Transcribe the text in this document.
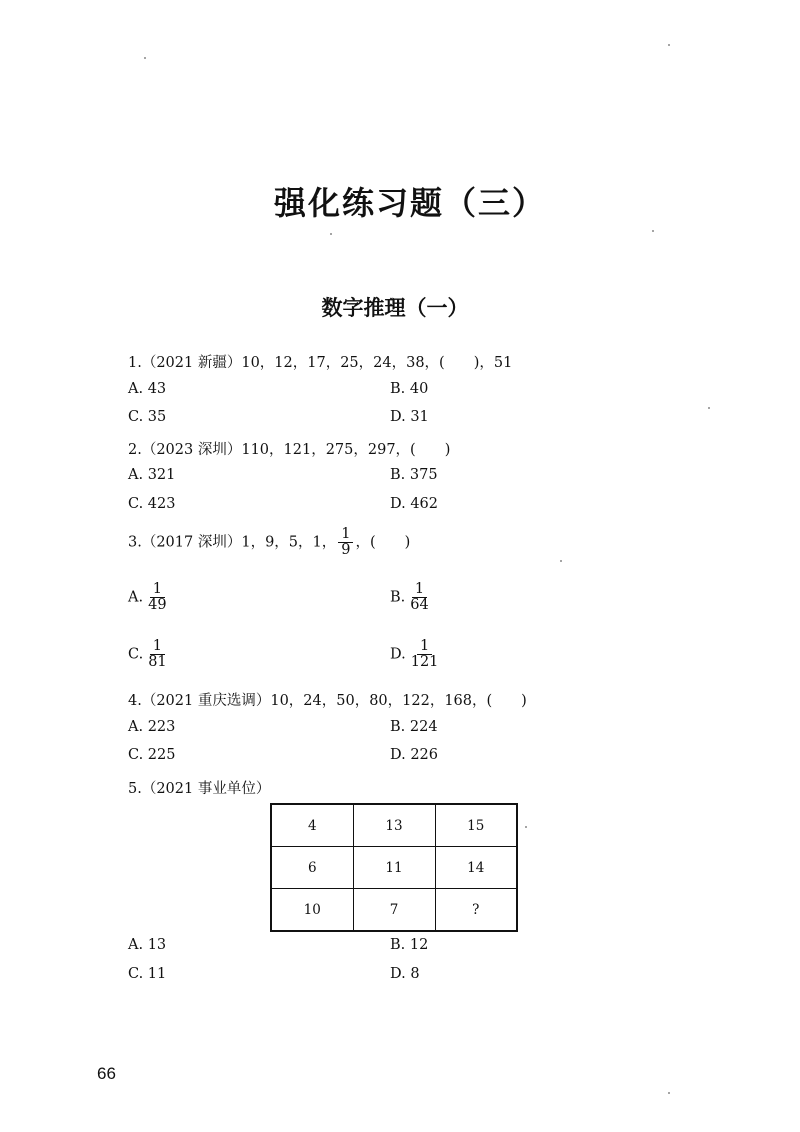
强化练习题（三）
数字推理（一）
1.（2021 新疆）10，12，17，25，24，38，(　　)，51
A. 43	B. 40
C. 35	D. 31
2.（2023 深圳）110，121，275，297，(　　)
A. 321	B. 375
C. 423	D. 462
3.（2017 深圳）1，9，5，1， $\frac{1}{9}$ ，(　　)
A. $\frac{1}{49}$	B. $\frac{1}{64}$
C. $\frac{1}{81}$	D. $\frac{1}{121}$
4.（2021 重庆选调）10，24，50，80，122，168，(　　)
A. 223	B. 224
C. 225	D. 226
5.（2021 事业单位）
4	13	15
6	11	14
10	7	?
A. 13	B. 12
C. 11	D. 8
66
